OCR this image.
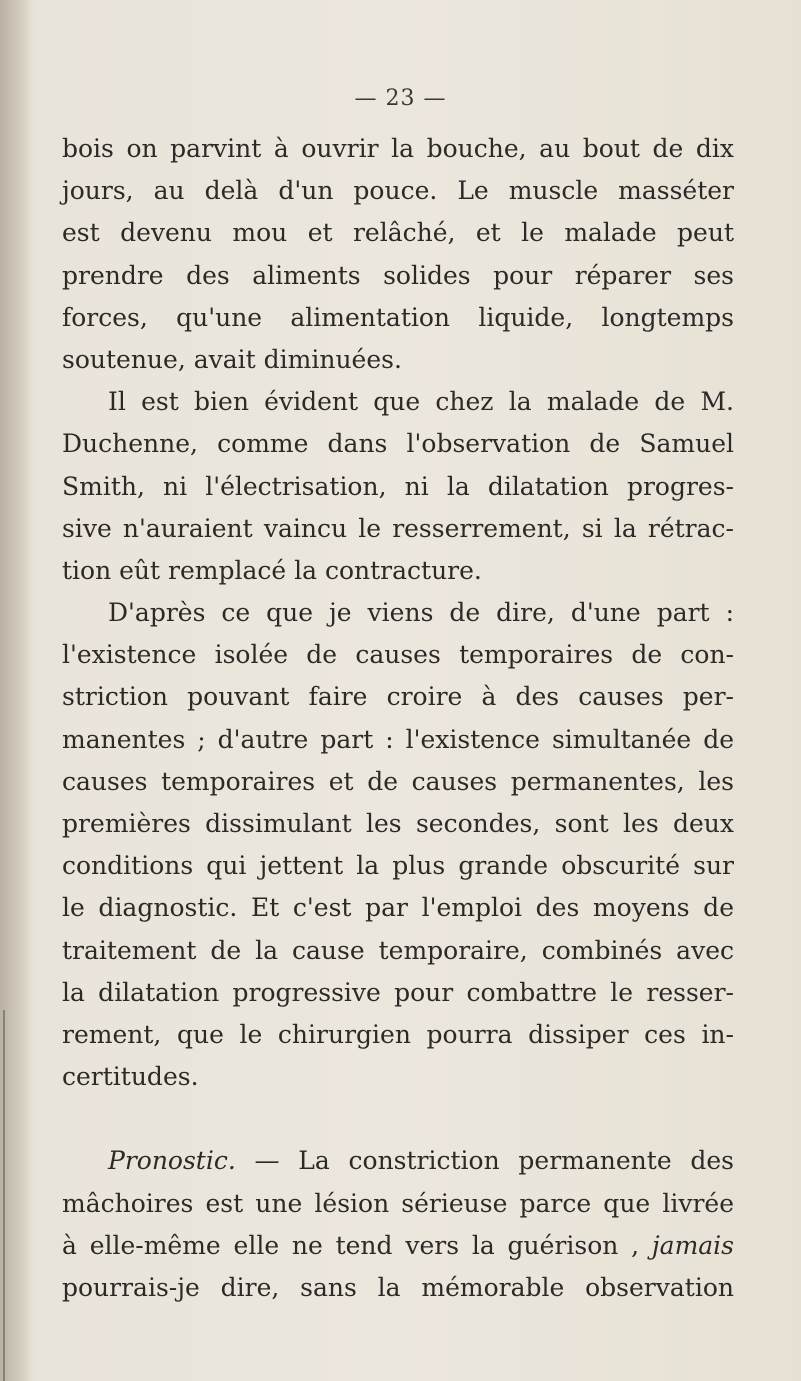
— 23 —
bois on parvint à ouvrir la bouche, au bout de dix
jours, au delà d'un pouce. Le muscle masséter
est devenu mou et relâché, et le malade peut
prendre des aliments solides pour réparer ses
forces, qu'une alimentation liquide, longtemps
soutenue, avait diminuées.
Il est bien évident que chez la malade de M.
Duchenne, comme dans l'observation de Samuel
Smith, ni l'électrisation, ni la dilatation progres-
sive n'auraient vaincu le resserrement, si la rétrac-
tion eût remplacé la contracture.
D'après ce que je viens de dire, d'une part :
l'existence isolée de causes temporaires de con-
striction pouvant faire croire à des causes per-
manentes ; d'autre part : l'existence simultanée de
causes temporaires et de causes permanentes, les
premières dissimulant les secondes, sont les deux
conditions qui jettent la plus grande obscurité sur
le diagnostic. Et c'est par l'emploi des moyens de
traitement de la cause temporaire, combinés avec
la dilatation progressive pour combattre le resser-
rement, que le chirurgien pourra dissiper ces in-
certitudes.
Pronostic. — La constriction permanente des
mâchoires est une lésion sérieuse parce que livrée
à elle-même elle ne tend vers la guérison , jamais
pourrais-je dire, sans la mémorable observation
